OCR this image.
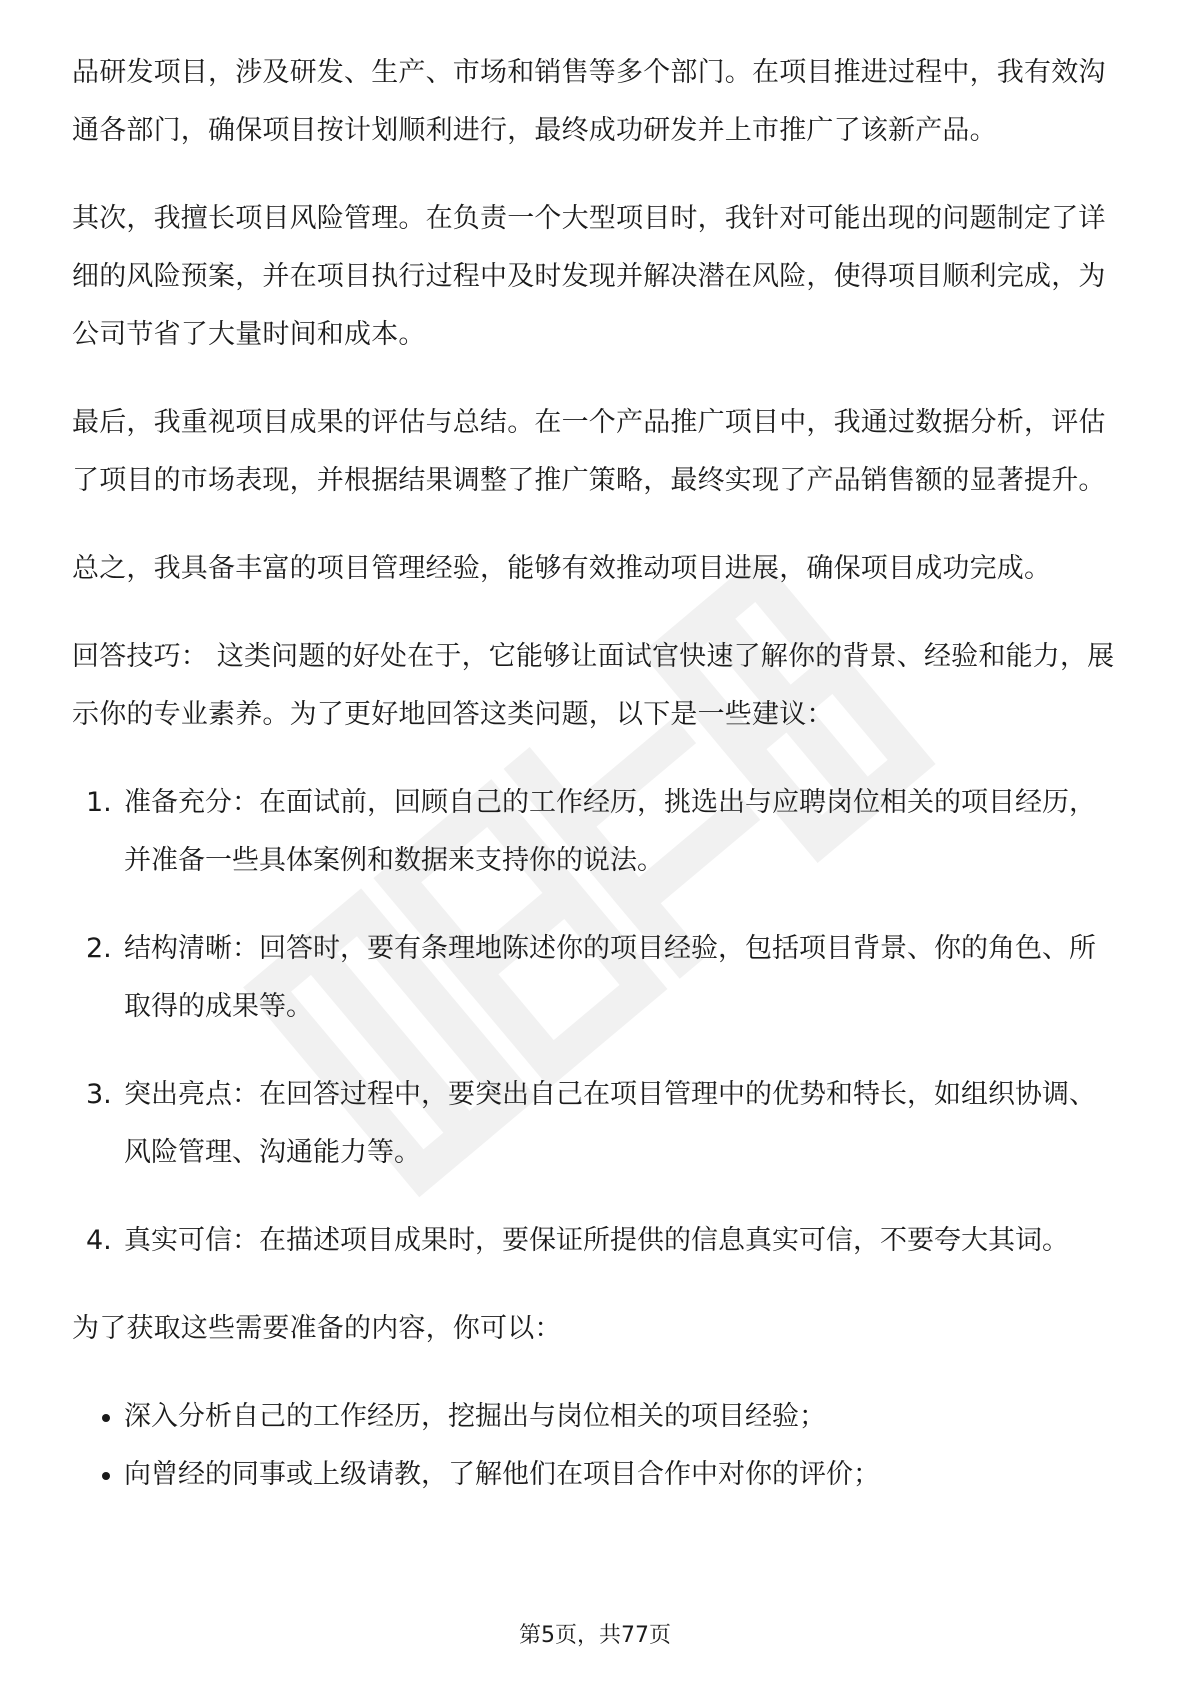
品研发项目，涉及研发、生产、市场和销售等多个部门。在项目推进过程中，我有效沟通各部门，确保项目按计划顺利进行，最终成功研发并上市推广了该新产品。

其次，我擅长项目风险管理。在负责一个大型项目时，我针对可能出现的问题制定了详细的风险预案，并在项目执行过程中及时发现并解决潜在风险，使得项目顺利完成，为公司节省了大量时间和成本。

最后，我重视项目成果的评估与总结。在一个产品推广项目中，我通过数据分析，评估了项目的市场表现，并根据结果调整了推广策略，最终实现了产品销售额的显著提升。

总之，我具备丰富的项目管理经验，能够有效推动项目进展，确保项目成功完成。

回答技巧： 这类问题的好处在于，它能够让面试官快速了解你的背景、经验和能力，展示你的专业素养。为了更好地回答这类问题，以下是一些建议：

1. 准备充分：在面试前，回顾自己的工作经历，挑选出与应聘岗位相关的项目经历，并准备一些具体案例和数据来支持你的说法。
2. 结构清晰：回答时，要有条理地陈述你的项目经验，包括项目背景、你的角色、所取得的成果等。
3. 突出亮点：在回答过程中，要突出自己在项目管理中的优势和特长，如组织协调、风险管理、沟通能力等。
4. 真实可信：在描述项目成果时，要保证所提供的信息真实可信，不要夸大其词。

为了获取这些需要准备的内容，你可以：

深入分析自己的工作经历，挖掘出与岗位相关的项目经验；
向曾经的同事或上级请教，了解他们在项目合作中对你的评价；
第5页，共77页
